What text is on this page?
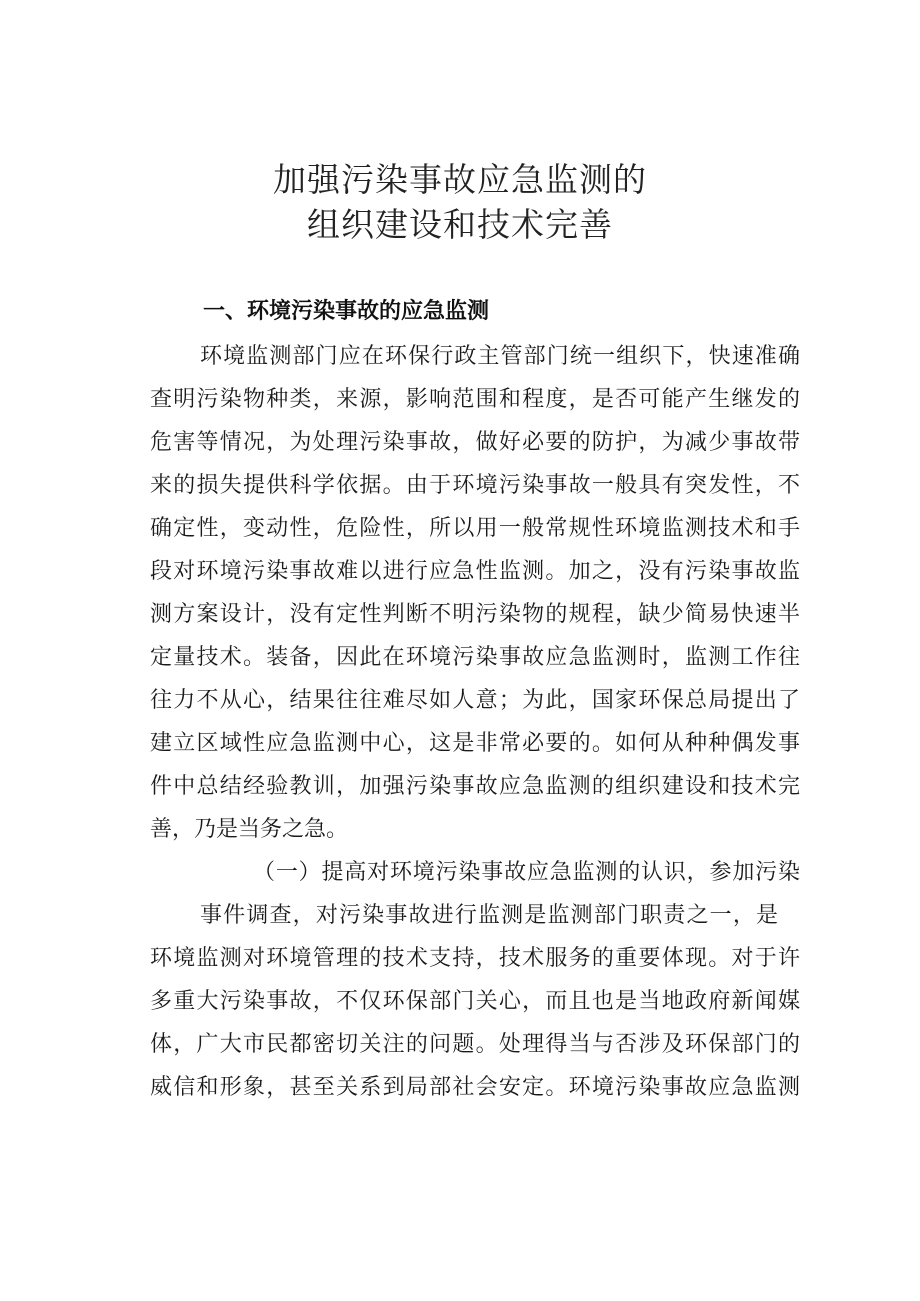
加强污染事故应急监测的
组织建设和技术完善
一、环境污染事故的应急监测
环境监测部门应在环保行政主管部门统一组织下，快速准确
查明污染物种类，来源，影响范围和程度，是否可能产生继发的
危害等情况，为处理污染事故，做好必要的防护，为减少事故带
来的损失提供科学依据。由于环境污染事故一般具有突发性，不
确定性，变动性，危险性，所以用一般常规性环境监测技术和手
段对环境污染事故难以进行应急性监测。加之，没有污染事故监
测方案设计，没有定性判断不明污染物的规程，缺少简易快速半
定量技术。装备，因此在环境污染事故应急监测时，监测工作往
往力不从心，结果往往难尽如人意；为此，国家环保总局提出了
建立区域性应急监测中心，这是非常必要的。如何从种种偶发事
件中总结经验教训，加强污染事故应急监测的组织建设和技术完
善，乃是当务之急。
（一）提高对环境污染事故应急监测的认识，参加污染
事件调查，对污染事故进行监测是监测部门职责之一，是
环境监测对环境管理的技术支持，技术服务的重要体现。对于许
多重大污染事故，不仅环保部门关心，而且也是当地政府新闻媒
体，广大市民都密切关注的问题。处理得当与否涉及环保部门的
威信和形象，甚至关系到局部社会安定。环境污染事故应急监测
